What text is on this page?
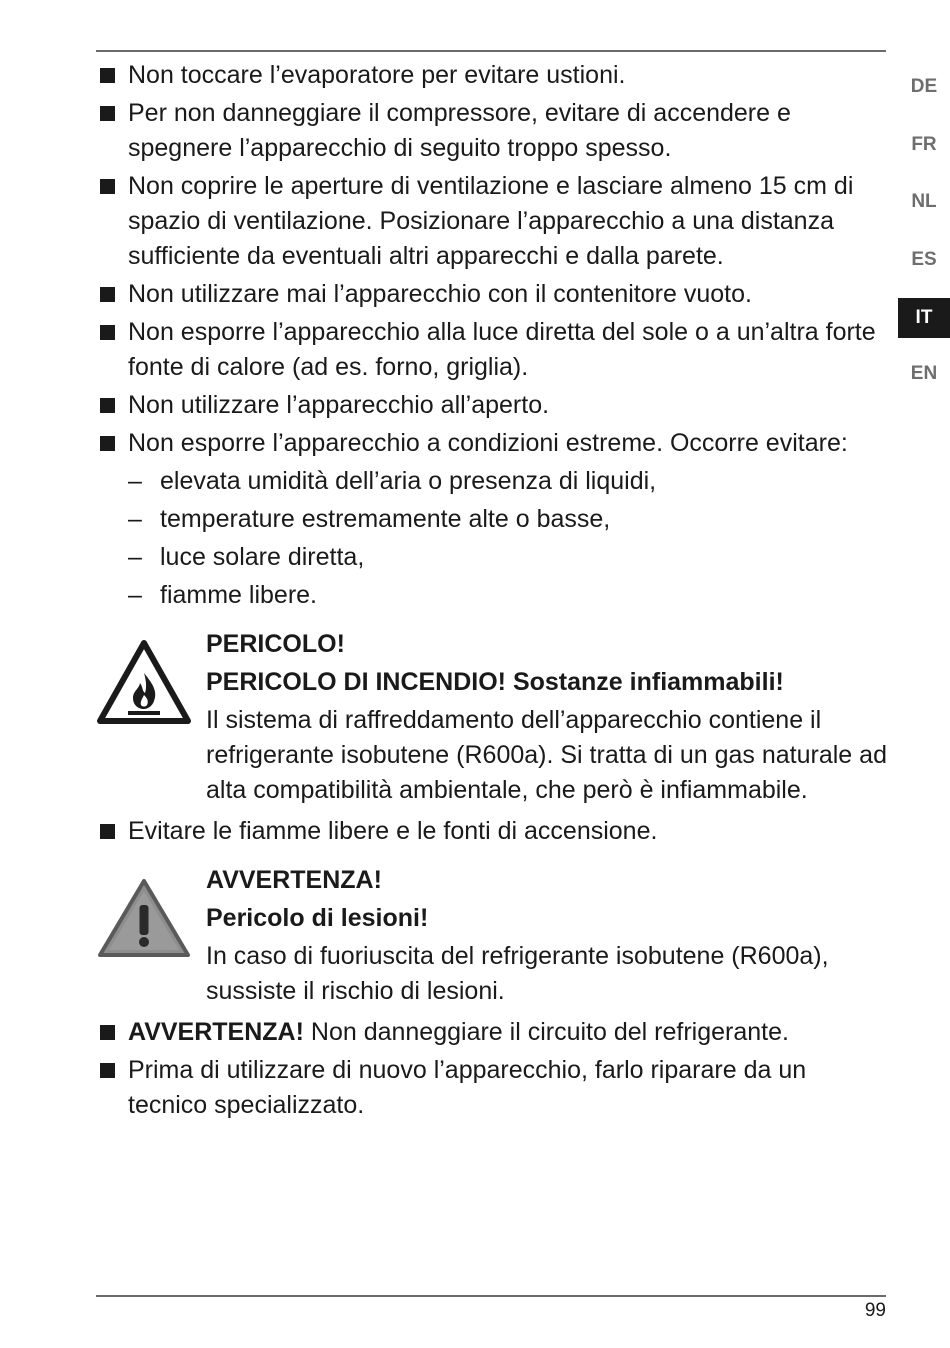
DE
FR
NL
ES
IT
EN
Non toccare l’evaporatore per evitare ustioni.
Per non danneggiare il compressore, evitare di accendere e spegnere l’apparecchio di seguito troppo spesso.
Non coprire le aperture di ventilazione e lasciare almeno 15 cm di spazio di ventilazione. Posizionare l’apparecchio a una distanza sufficiente da eventuali altri apparecchi e dalla parete.
Non utilizzare mai l’apparecchio con il contenitore vuoto.
Non esporre l’apparecchio alla luce diretta del sole o a un’altra forte fonte di calore (ad es. forno, griglia).
Non utilizzare l’apparecchio all’aperto.
Non esporre l’apparecchio a condizioni estreme. Occorre evitare:
– elevata umidità dell’aria o presenza di liquidi,
– temperature estremamente alte o basse,
– luce solare diretta,
– fiamme libere.
PERICOLO!
PERICOLO DI INCENDIO! Sostanze infiammabili!
Il sistema di raffreddamento dell’apparecchio contiene il refrigerante isobutene (R600a). Si tratta di un gas naturale ad alta compatibilità ambientale, che però è infiammabile.
Evitare le fiamme libere e le fonti di accensione.
AVVERTENZA!
Pericolo di lesioni!
In caso di fuoriuscita del refrigerante isobutene (R600a), sussiste il rischio di lesioni.
AVVERTENZA! Non danneggiare il circuito del refrigerante.
Prima di utilizzare di nuovo l’apparecchio, farlo riparare da un tecnico specializzato.
99
